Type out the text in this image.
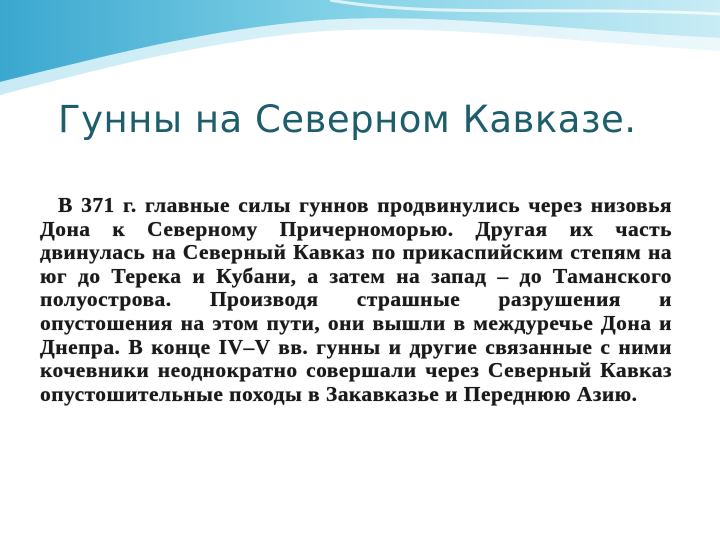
Гунны на Северном Кавказе.

В 371 г. главные силы гуннов продвинулись через низовья Дона к Северному Причерноморью. Другая их часть двинулась на Северный Кавказ по прикаспийским степям на юг до Терека и Кубани, а затем на запад – до Таманского полуострова. Производя страшные разрушения и опустошения на этом пути, они вышли в междуречье Дона и Днепра. В конце IV–V вв. гунны и другие связанные с ними кочевники неоднократно совершали через Северный Кавказ опустошительные походы в Закавказье и Переднюю Азию.
